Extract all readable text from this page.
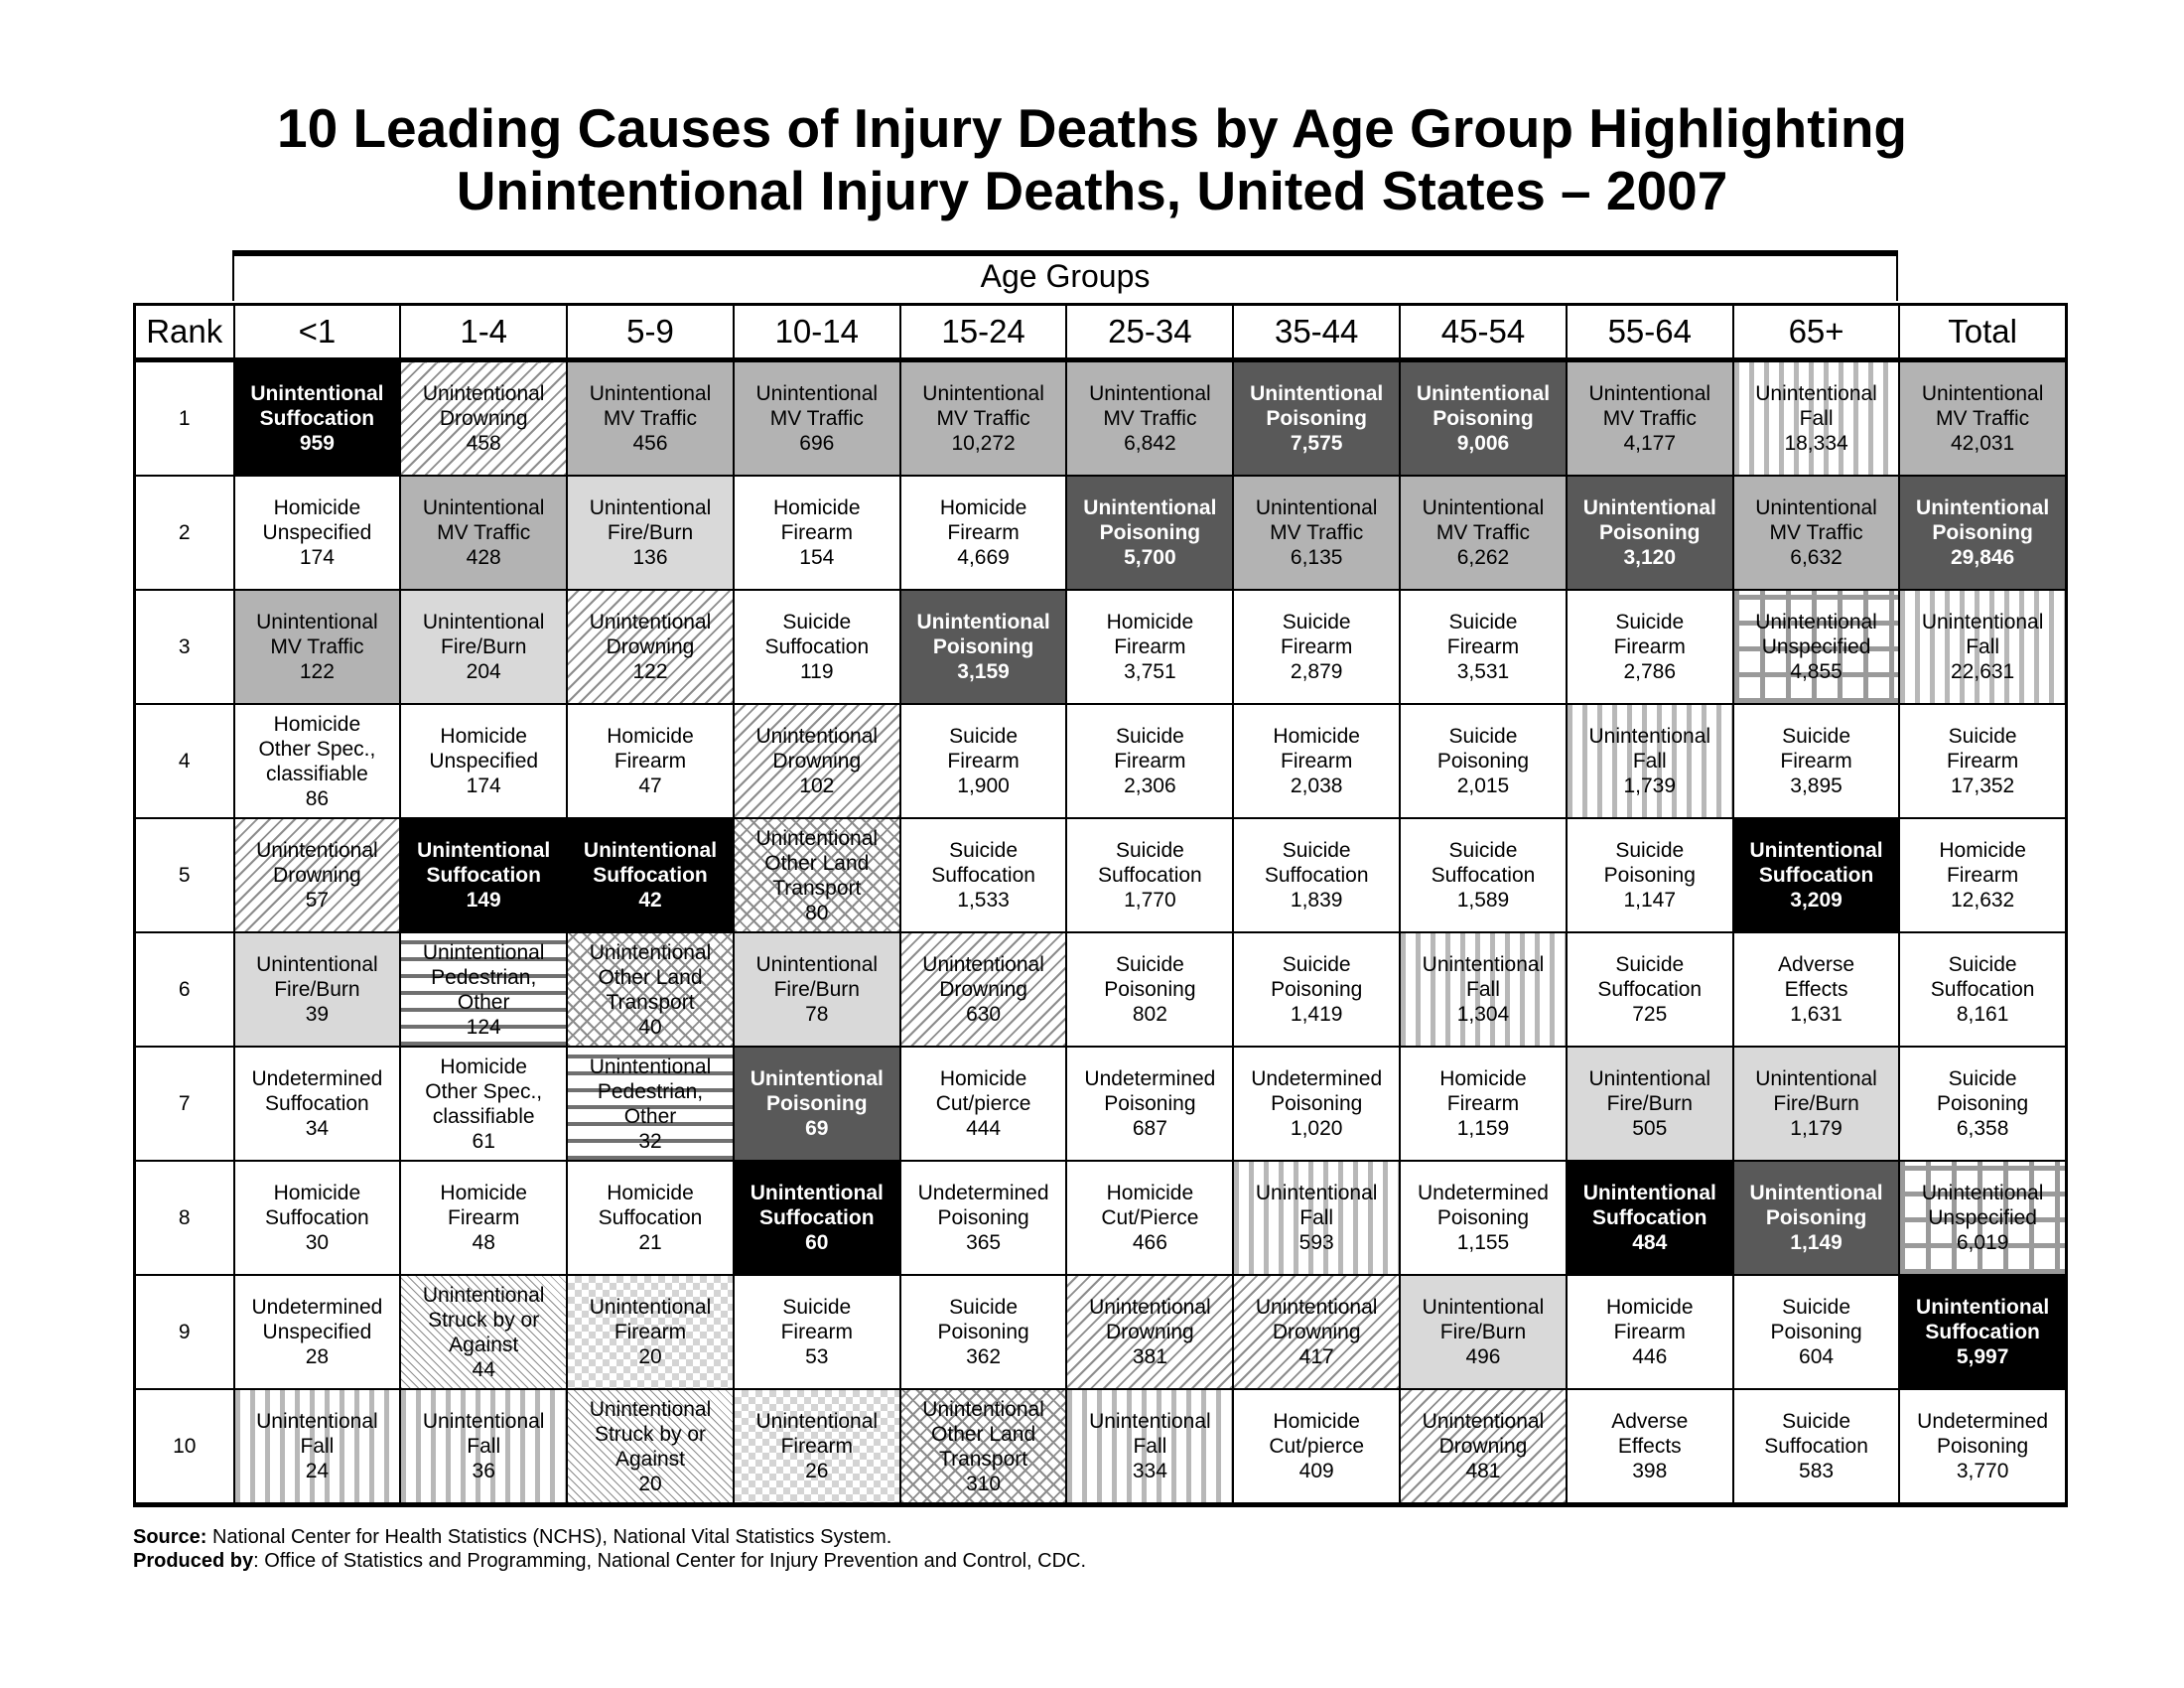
10 Leading Causes of Injury Deaths by Age Group Highlighting
Unintentional Injury Deaths, United States – 2007
Age Groups
Rank	<1	1-4	5-9	10-14	15-24	25-34	35-44	45-54	55-64	65+	Total
1	Unintentional
Suffocation
959	Unintentional
Drowning
458	Unintentional
MV Traffic
456	Unintentional
MV Traffic
696	Unintentional
MV Traffic
10,272	Unintentional
MV Traffic
6,842	Unintentional
Poisoning
7,575	Unintentional
Poisoning
9,006	Unintentional
MV Traffic
4,177	Unintentional
Fall
18,334	Unintentional
MV Traffic
42,031

2	Homicide
Unspecified
174	Unintentional
MV Traffic
428	Unintentional
Fire/Burn
136	Homicide
Firearm
154	Homicide
Firearm
4,669	Unintentional
Poisoning
5,700	Unintentional
MV Traffic
6,135	Unintentional
MV Traffic
6,262	Unintentional
Poisoning
3,120	Unintentional
MV Traffic
6,632	Unintentional
Poisoning
29,846

3	Unintentional
MV Traffic
122	Unintentional
Fire/Burn
204	Unintentional
Drowning
122	Suicide
Suffocation
119	Unintentional
Poisoning
3,159	Homicide
Firearm
3,751	Suicide
Firearm
2,879	Suicide
Firearm
3,531	Suicide
Firearm
2,786	Unintentional
Unspecified
4,855	Unintentional
Fall
22,631

4	Homicide
Other Spec.,
classifiable
86	Homicide
Unspecified
174	Homicide
Firearm
47	Unintentional
Drowning
102	Suicide
Firearm
1,900	Suicide
Firearm
2,306	Homicide
Firearm
2,038	Suicide
Poisoning
2,015	Unintentional
Fall
1,739	Suicide
Firearm
3,895	Suicide
Firearm
17,352

5	Unintentional
Drowning
57	Unintentional
Suffocation
149	Unintentional
Suffocation
42	Unintentional
Other Land
Transport
80	Suicide
Suffocation
1,533	Suicide
Suffocation
1,770	Suicide
Suffocation
1,839	Suicide
Suffocation
1,589	Suicide
Poisoning
1,147	Unintentional
Suffocation
3,209	Homicide
Firearm
12,632

6	Unintentional
Fire/Burn
39	Unintentional
Pedestrian,
Other
124	Unintentional
Other Land
Transport
40	Unintentional
Fire/Burn
78	Unintentional
Drowning
630	Suicide
Poisoning
802	Suicide
Poisoning
1,419	Unintentional
Fall
1,304	Suicide
Suffocation
725	Adverse
Effects
1,631	Suicide
Suffocation
8,161

7	Undetermined
Suffocation
34	Homicide
Other Spec.,
classifiable
61	Unintentional
Pedestrian,
Other
32	Unintentional
Poisoning
69	Homicide
Cut/pierce
444	Undetermined
Poisoning
687	Undetermined
Poisoning
1,020	Homicide
Firearm
1,159	Unintentional
Fire/Burn
505	Unintentional
Fire/Burn
1,179	Suicide
Poisoning
6,358

8	Homicide
Suffocation
30	Homicide
Firearm
48	Homicide
Suffocation
21	Unintentional
Suffocation
60	Undetermined
Poisoning
365	Homicide
Cut/Pierce
466	Unintentional
Fall
593	Undetermined
Poisoning
1,155	Unintentional
Suffocation
484	Unintentional
Poisoning
1,149	Unintentional
Unspecified
6,019

9	Undetermined
Unspecified
28	Unintentional
Struck by or
Against
44	Unintentional
Firearm
20	Suicide
Firearm
53	Suicide
Poisoning
362	Unintentional
Drowning
381	Unintentional
Drowning
417	Unintentional
Fire/Burn
496	Homicide
Firearm
446	Suicide
Poisoning
604	Unintentional
Suffocation
5,997

10	Unintentional
Fall
24	Unintentional
Fall
36	Unintentional
Struck by or
Against
20	Unintentional
Firearm
26	Unintentional
Other Land
Transport
310	Unintentional
Fall
334	Homicide
Cut/pierce
409	Unintentional
Drowning
481	Adverse
Effects
398	Suicide
Suffocation
583	Undetermined
Poisoning
3,770
Source: National Center for Health Statistics (NCHS), National Vital Statistics System.
Produced by: Office of Statistics and Programming, National Center for Injury Prevention and Control, CDC.
